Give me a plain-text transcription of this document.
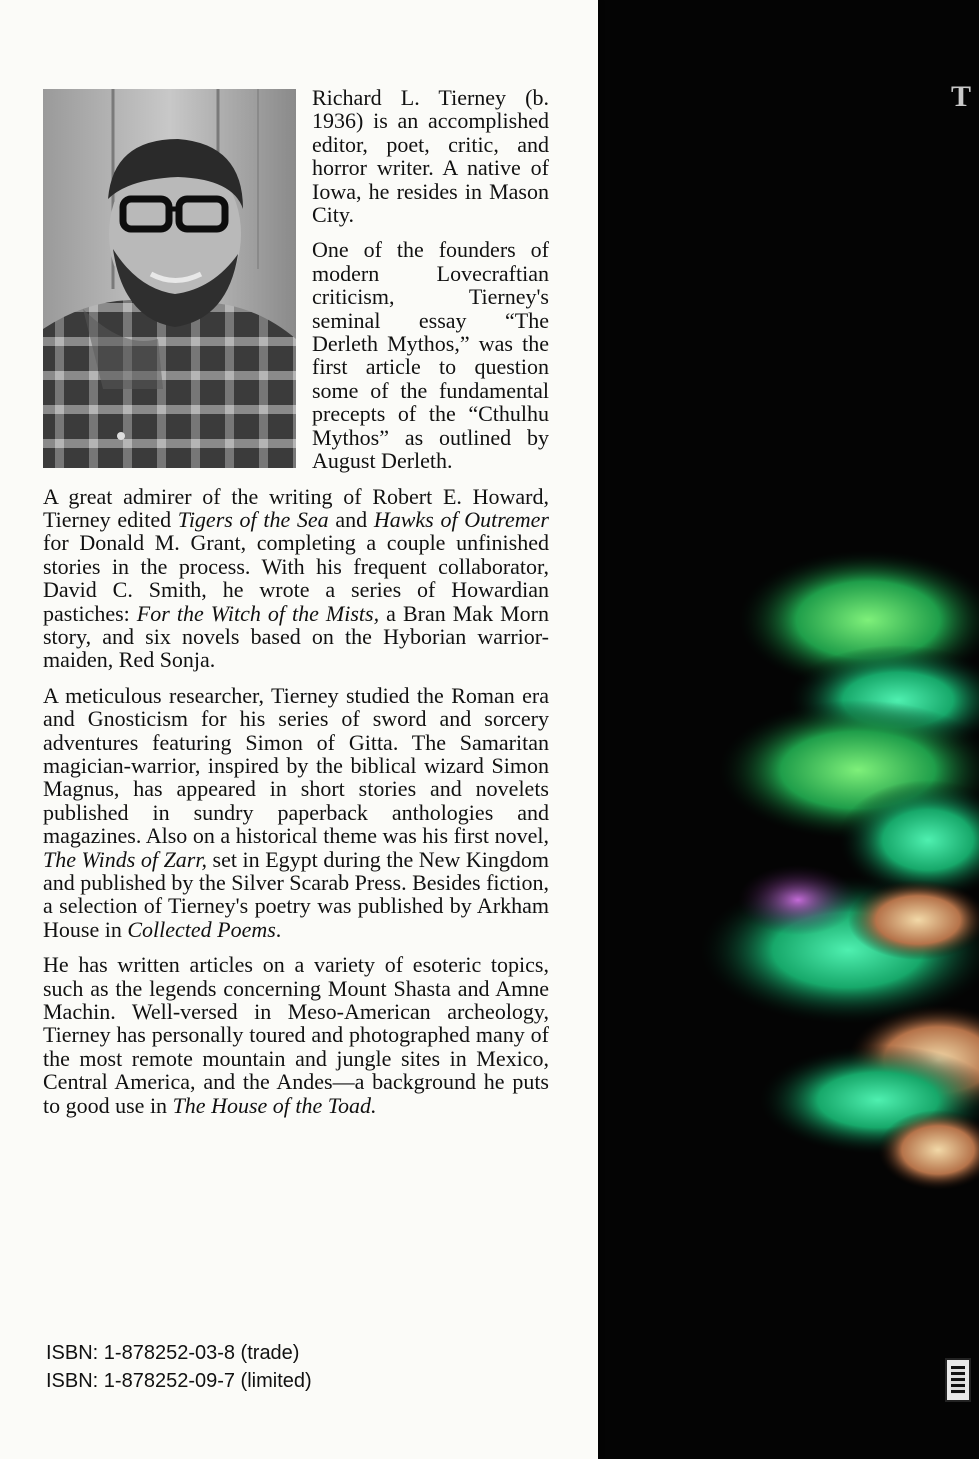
T

Richard L. Tierney (b. 1936) is an accomplished editor, poet, critic, and horror writer. A native of Iowa, he resides in Mason City.

One of the founders of modern Lovecraftian criticism, Tierney's seminal essay “The Derleth Mythos,” was the first article to question some of the fundamental precepts of the “Cthulhu Mythos” as outlined by August Derleth.

A great admirer of the writing of Robert E. Howard, Tierney edited Tigers of the Sea and Hawks of Outremer for Donald M. Grant, completing a couple unfinished stories in the process. With his frequent collaborator, David C. Smith, he wrote a series of Howardian pastiches: For the Witch of the Mists, a Bran Mak Morn story, and six novels based on the Hyborian warrior-maiden, Red Sonja.

A meticulous researcher, Tierney studied the Roman era and Gnosticism for his series of sword and sorcery adventures featuring Simon of Gitta. The Samaritan magician-warrior, inspired by the biblical wizard Simon Magnus, has appeared in short stories and novelets published in sundry paperback anthologies and magazines. Also on a historical theme was his first novel, The Winds of Zarr, set in Egypt during the New Kingdom and published by the Silver Scarab Press. Besides fiction, a selection of Tierney's poetry was published by Arkham House in Collected Poems.

He has written articles on a variety of esoteric topics, such as the legends concerning Mount Shasta and Amne Machin. Well-versed in Meso-American archeology, Tierney has personally toured and photographed many of the most remote mountain and jungle sites in Mexico, Central America, and the Andes—a background he puts to good use in The House of the Toad.

ISBN: 1-878252-03-8 (trade)

ISBN: 1-878252-09-7 (limited)
